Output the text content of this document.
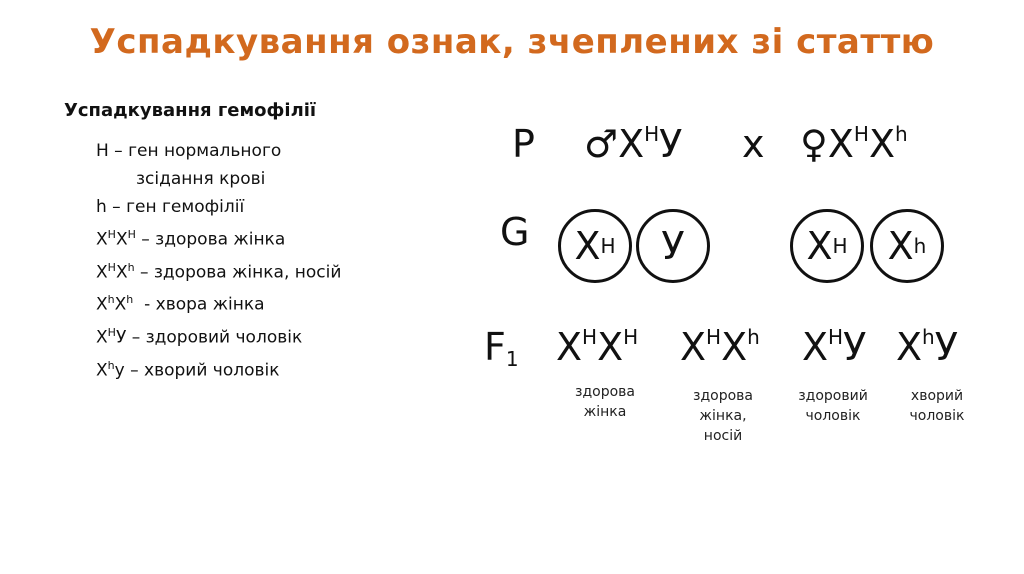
Успадкування ознак, зчеплених зі статтю
Успадкування гемофілії
H – ген нормального
зсідання крові
h – ген гемофілії
$X^HX^H$ – здорова жінка
$X^HX^h$ – здорова жінка, носій
$X^hX^h$  - хвора жінка
$X^HУ$ – здоровий чоловік
$X^hу$ – хворий чоловік
P $♂X^HУ$ x $♀X^HX^h$
G X H У	X H X h
$F_1$ $X^HX^H$ $X^HX^h$ $X^HУ$ $X^hУ$
здорова
жінка
здорова
жінка,
носій
здоровий
чоловік
хворий
чоловік
